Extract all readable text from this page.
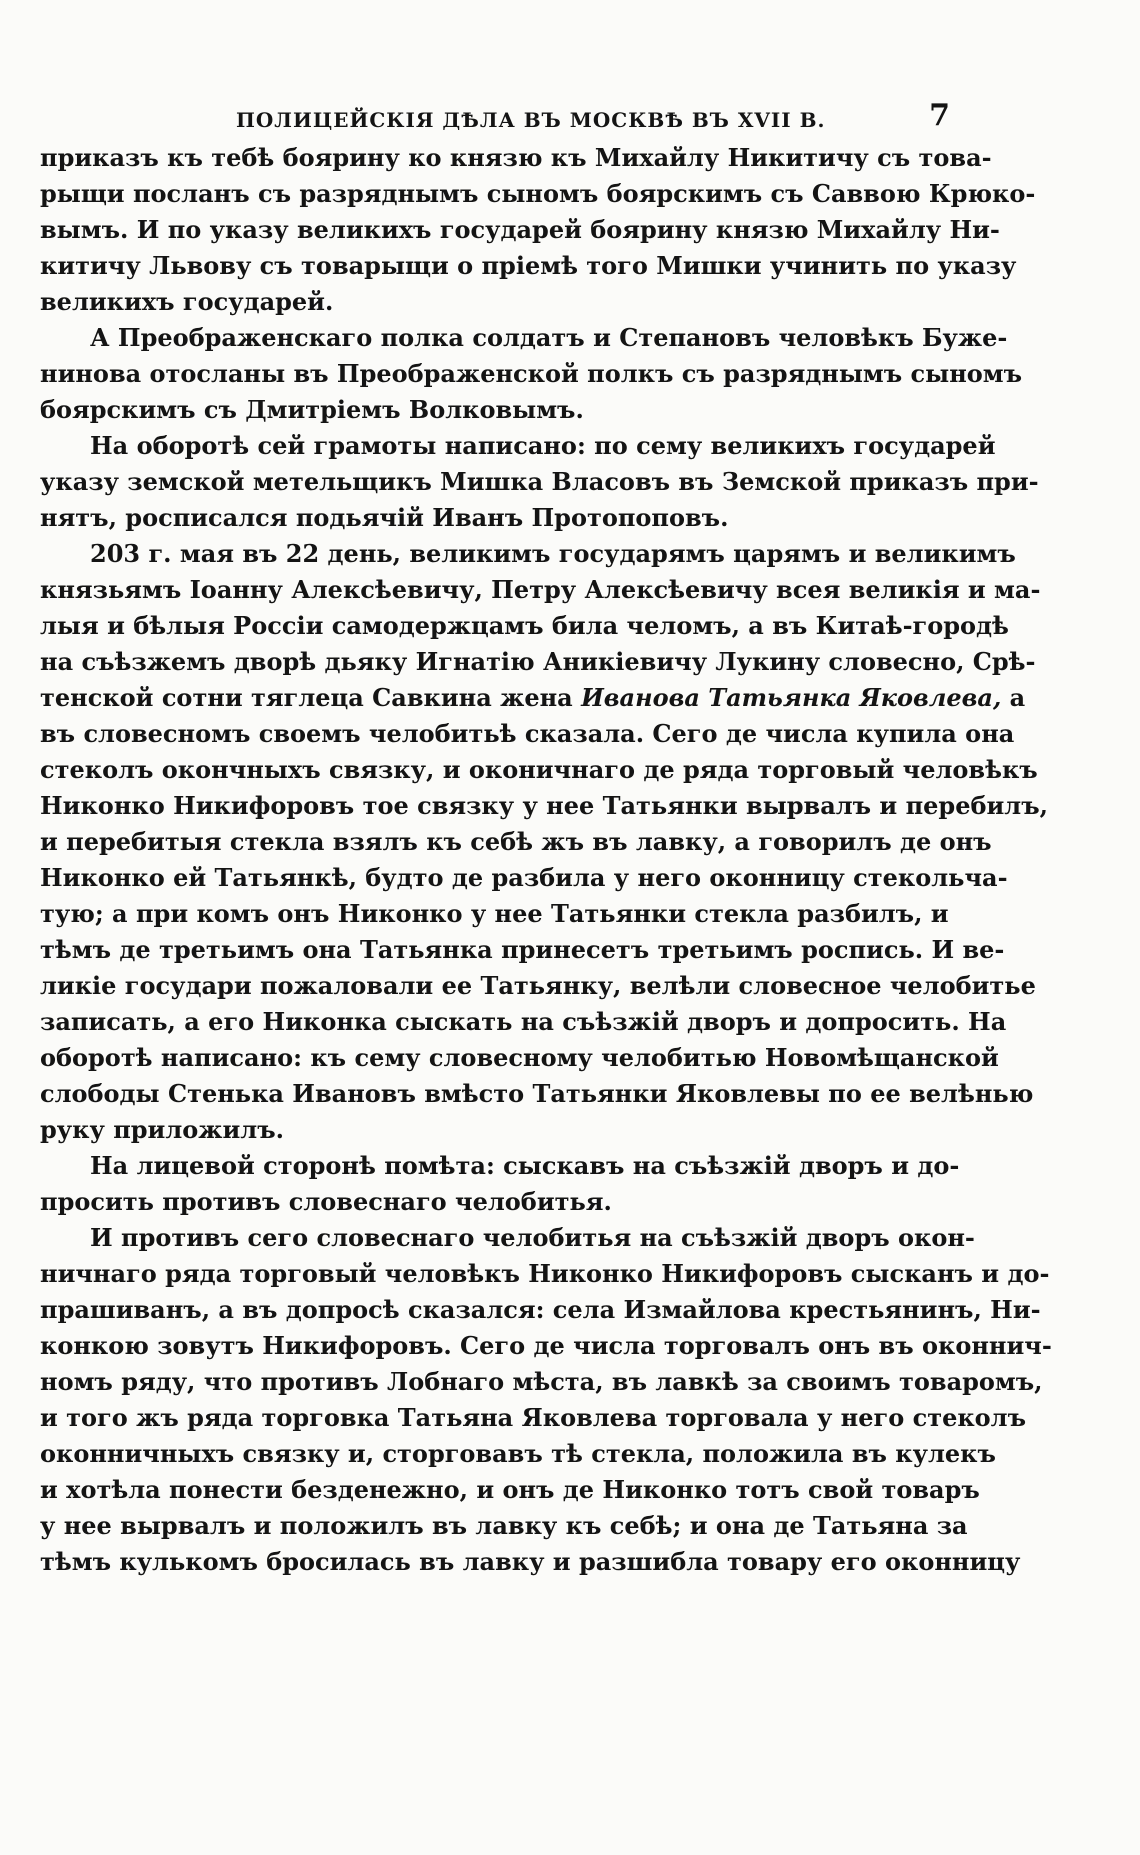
ПОЛИЦЕЙСКІЯ ДѢЛА ВЪ МОСКВѢ ВЪ XVII В.	7
приказъ къ тебѣ боярину ко князю къ Михайлу Никитичу съ това-
рыщи посланъ съ разряднымъ сыномъ боярскимъ съ Саввою Крюко-
вымъ. И по указу великихъ государей боярину князю Михайлу Ни-
китичу Львову съ товарыщи о пріемѣ того Мишки учинить по указу
великихъ государей.
А Преображенскаго полка солдатъ и Степановъ человѣкъ Буже-
нинова отосланы въ Преображенской полкъ съ разряднымъ сыномъ
боярскимъ съ Дмитріемъ Волковымъ.
На оборотѣ сей грамоты написано: по сему великихъ государей
указу земской метельщикъ Мишка Власовъ въ Земской приказъ при-
нятъ, росписался подьячій Иванъ Протопоповъ.
203 г. мая въ 22 день, великимъ государямъ царямъ и великимъ
князьямъ Іоанну Алексѣевичу, Петру Алексѣевичу всея великія и ма-
лыя и бѣлыя Россіи самодержцамъ била челомъ, а въ Китаѣ-городѣ
на съѣзжемъ дворѣ дьяку Игнатію Аникіевичу Лукину словесно, Срѣ-
тенской сотни тяглеца Савкина жена Иванова Татьянка Яковлева, а
въ словесномъ своемъ челобитьѣ сказала. Сего де числа купила она
стеколъ окончныхъ связку, и оконичнаго де ряда торговый человѣкъ
Никонко Никифоровъ тое связку у нее Татьянки вырвалъ и перебилъ,
и перебитыя стекла взялъ къ себѣ жъ въ лавку, а говорилъ де онъ
Никонко ей Татьянкѣ, будто де разбила у него оконницу стекольча-
тую; а при комъ онъ Никонко у нее Татьянки стекла разбилъ, и
тѣмъ де третьимъ она Татьянка принесетъ третьимъ роспись. И ве-
ликіе государи пожаловали ее Татьянку, велѣли словесное челобитье
записать, а его Никонка сыскать на съѣзжій дворъ и допросить. На
оборотѣ написано: къ сему словесному челобитью Новомѣщанской
слободы Стенька Ивановъ вмѣсто Татьянки Яковлевы по ее велѣнью
руку приложилъ.
На лицевой сторонѣ помѣта: сыскавъ на съѣзжій дворъ и до-
просить противъ словеснаго челобитья.
И противъ сего словеснаго челобитья на съѣзжій дворъ окон-
ничнаго ряда торговый человѣкъ Никонко Никифоровъ сысканъ и до-
прашиванъ, а въ допросѣ сказался: села Измайлова крестьянинъ, Ни-
конкою зовутъ Никифоровъ. Сего де числа торговалъ онъ въ оконнич-
номъ ряду, что противъ Лобнаго мѣста, въ лавкѣ за своимъ товаромъ,
и того жъ ряда торговка Татьяна Яковлева торговала у него стеколъ
оконничныхъ связку и, сторговавъ тѣ стекла, положила въ кулекъ
и хотѣла понести безденежно, и онъ де Никонко тотъ свой товаръ
у нее вырвалъ и положилъ въ лавку къ себѣ; и она де Татьяна за
тѣмъ кулькомъ бросилась въ лавку и разшибла товару его оконницу
